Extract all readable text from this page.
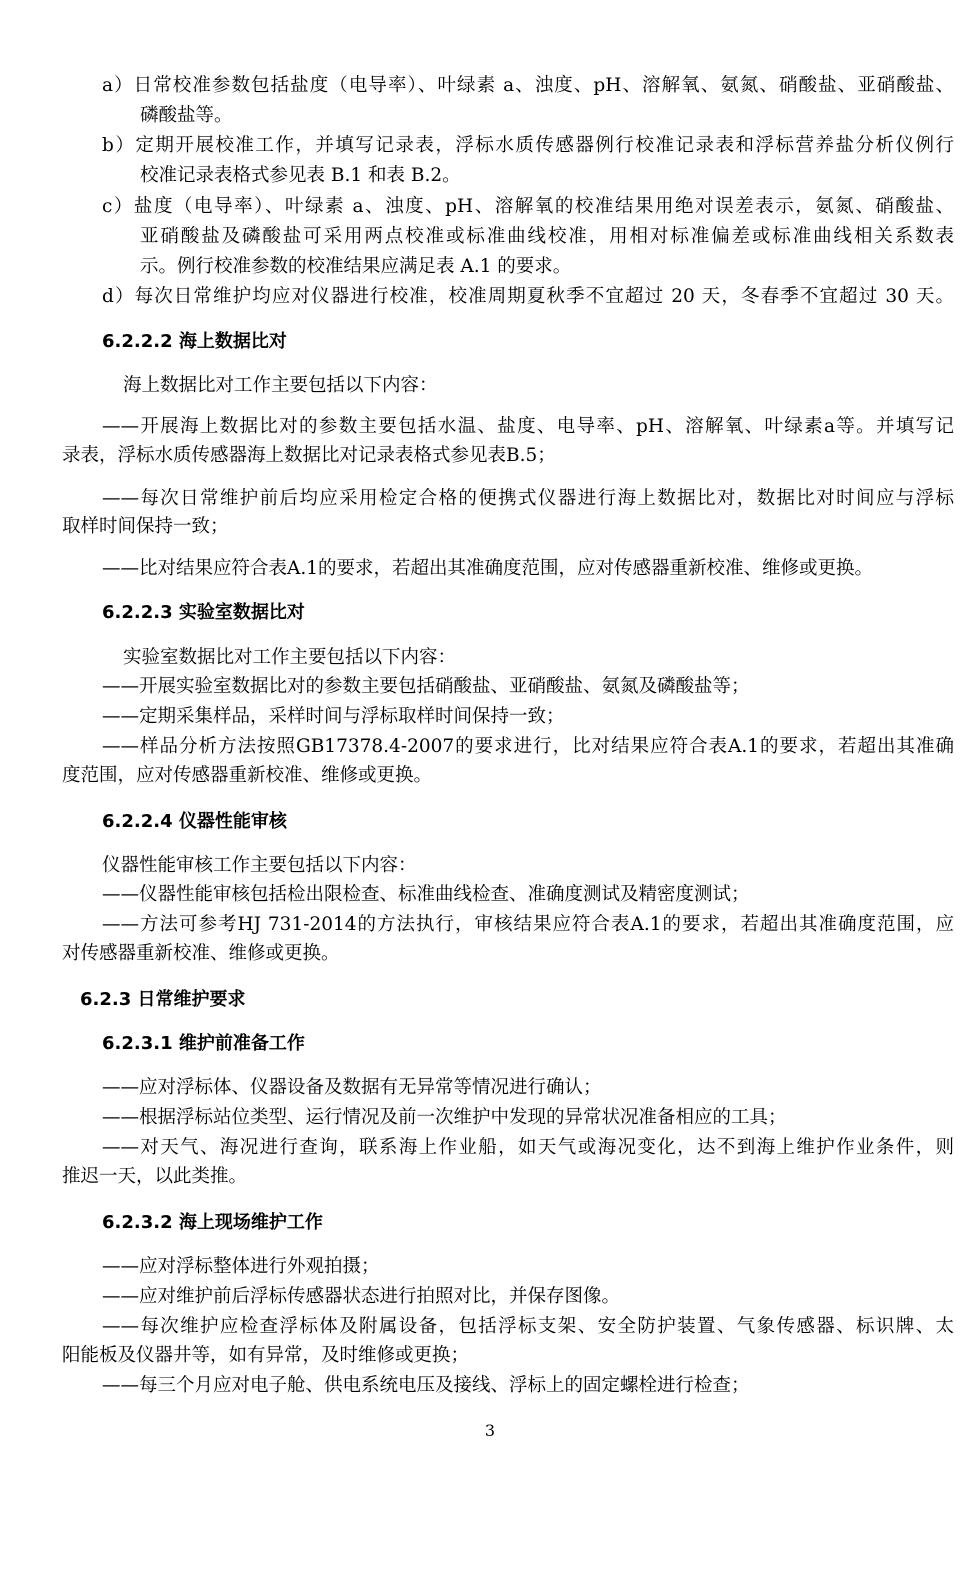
a）日常校准参数包括盐度（电导率）、叶绿素 a、浊度、pH、溶解氧、氨氮、硝酸盐、亚硝酸盐、
磷酸盐等。
b）定期开展校准工作，并填写记录表，浮标水质传感器例行校准记录表和浮标营养盐分析仪例行
校准记录表格式参见表 B.1 和表 B.2。
c）盐度（电导率）、叶绿素 a、浊度、pH、溶解氧的校准结果用绝对误差表示，氨氮、硝酸盐、
亚硝酸盐及磷酸盐可采用两点校准或标准曲线校准，用相对标准偏差或标准曲线相关系数表
示。例行校准参数的校准结果应满足表 A.1 的要求。
d）每次日常维护均应对仪器进行校准，校准周期夏秋季不宜超过 20 天，冬春季不宜超过 30 天。
6.2.2.2 海上数据比对
海上数据比对工作主要包括以下内容：
——开展海上数据比对的参数主要包括水温、盐度、电导率、pH、溶解氧、叶绿素a等。并填写记
录表，浮标水质传感器海上数据比对记录表格式参见表B.5；
——每次日常维护前后均应采用检定合格的便携式仪器进行海上数据比对，数据比对时间应与浮标
取样时间保持一致；
——比对结果应符合表A.1的要求，若超出其准确度范围，应对传感器重新校准、维修或更换。
6.2.2.3 实验室数据比对
实验室数据比对工作主要包括以下内容：
——开展实验室数据比对的参数主要包括硝酸盐、亚硝酸盐、氨氮及磷酸盐等；
——定期采集样品，采样时间与浮标取样时间保持一致；
——样品分析方法按照GB17378.4-2007的要求进行，比对结果应符合表A.1的要求，若超出其准确
度范围，应对传感器重新校准、维修或更换。
6.2.2.4 仪器性能审核
仪器性能审核工作主要包括以下内容：
——仪器性能审核包括检出限检查、标准曲线检查、准确度测试及精密度测试；
——方法可参考HJ 731-2014的方法执行，审核结果应符合表A.1的要求，若超出其准确度范围，应
对传感器重新校准、维修或更换。
6.2.3 日常维护要求
6.2.3.1 维护前准备工作
——应对浮标体、仪器设备及数据有无异常等情况进行确认；
——根据浮标站位类型、运行情况及前一次维护中发现的异常状况准备相应的工具；
——对天气、海况进行查询，联系海上作业船，如天气或海况变化，达不到海上维护作业条件，则
推迟一天，以此类推。
6.2.3.2 海上现场维护工作
——应对浮标整体进行外观拍摄；
——应对维护前后浮标传感器状态进行拍照对比，并保存图像。
——每次维护应检查浮标体及附属设备，包括浮标支架、安全防护装置、气象传感器、标识牌、太
阳能板及仪器井等，如有异常，及时维修或更换；
——每三个月应对电子舱、供电系统电压及接线、浮标上的固定螺栓进行检查；
3
